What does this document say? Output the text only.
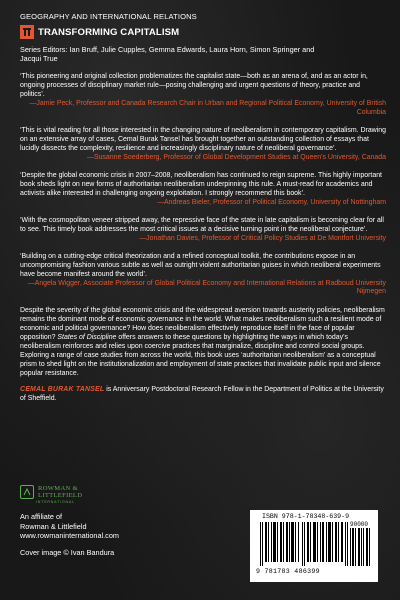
GEOGRAPHY AND INTERNATIONAL RELATIONS
TRANSFORMING CAPITALISM
Series Editors: Ian Bruff, Julie Cupples, Gemma Edwards, Laura Horn, Simon Springer and Jacqui True

‘This pioneering and original collection problematizes the capitalist state—both as an arena of, and as an actor in, ongoing processes of disciplinary market rule—posing challenging and urgent questions of theory, practice and politics’.

—Jamie Peck, Professor and Canada Research Chair in Urban and Regional Political Economy, University of British Columbia

‘This is vital reading for all those interested in the changing nature of neoliberalism in contemporary capitalism. Drawing on an extensive array of cases, Cemal Burak Tansel has brought together an outstanding collection of essays that lucidly dissects the complexity, resilience and increasingly disciplinary nature of neoliberal governance’.

—Susanne Soederberg, Professor of Global Development Studies at Queen’s University, Canada

‘Despite the global economic crisis in 2007–2008, neoliberalism has continued to reign supreme. This highly important book sheds light on new forms of authoritarian neoliberalism underpinning this rule. A must-read for academics and activists alike interested in challenging ongoing exploitation. I strongly recommend this book’.

—Andreas Bieler, Professor of Political Economy, University of Nottingham

‘With the cosmopolitan veneer stripped away, the repressive face of the state in late capitalism is becoming clear for all to see. This timely book addresses the most critical issues at a decisive turning point in the neoliberal conjecture’.

—Jonathan Davies, Professor of Critical Policy Studies at De Montfort University

‘Building on a cutting-edge critical theorization and a refined conceptual toolkit, the contributions expose in an uncompromising fashion various subtle as well as outright violent authoritarian guises in which neoliberal experiments have become manifest around the world’.

—Angela Wigger, Associate Professor of Global Political Economy and International Relations at Radboud University Nijmegen
Despite the severity of the global economic crisis and the widespread aversion towards austerity policies, neoliberalism remains the dominant mode of economic governance in the world. What makes neoliberalism such a resilient mode of economic and political governance? How does neoliberalism effectively reproduce itself in the face of popular opposition? States of Discipline offers answers to these questions by highlighting the ways in which today’s neoliberalism reinforces and relies upon coercive practices that marginalize, discipline and control social groups. Exploring a range of case studies from across the world, this book uses ‘authoritarian neoliberalism’ as a conceptual prism to shed light on the institutionalization and employment of state practices that invalidate public input and silence popular resistance.
CEMAL BURAK TANSEL is Anniversary Postdoctoral Research Fellow in the Department of Politics at the University of Sheffield.
ROWMAN &
LITTLEFIELD
INTERNATIONAL
An affiliate of
Rowman & Littlefield
www.rowmaninternational.com
Cover image © Ivan Bandura
ISBN 978-1-78348-639-9
90000
9 781783 486399
